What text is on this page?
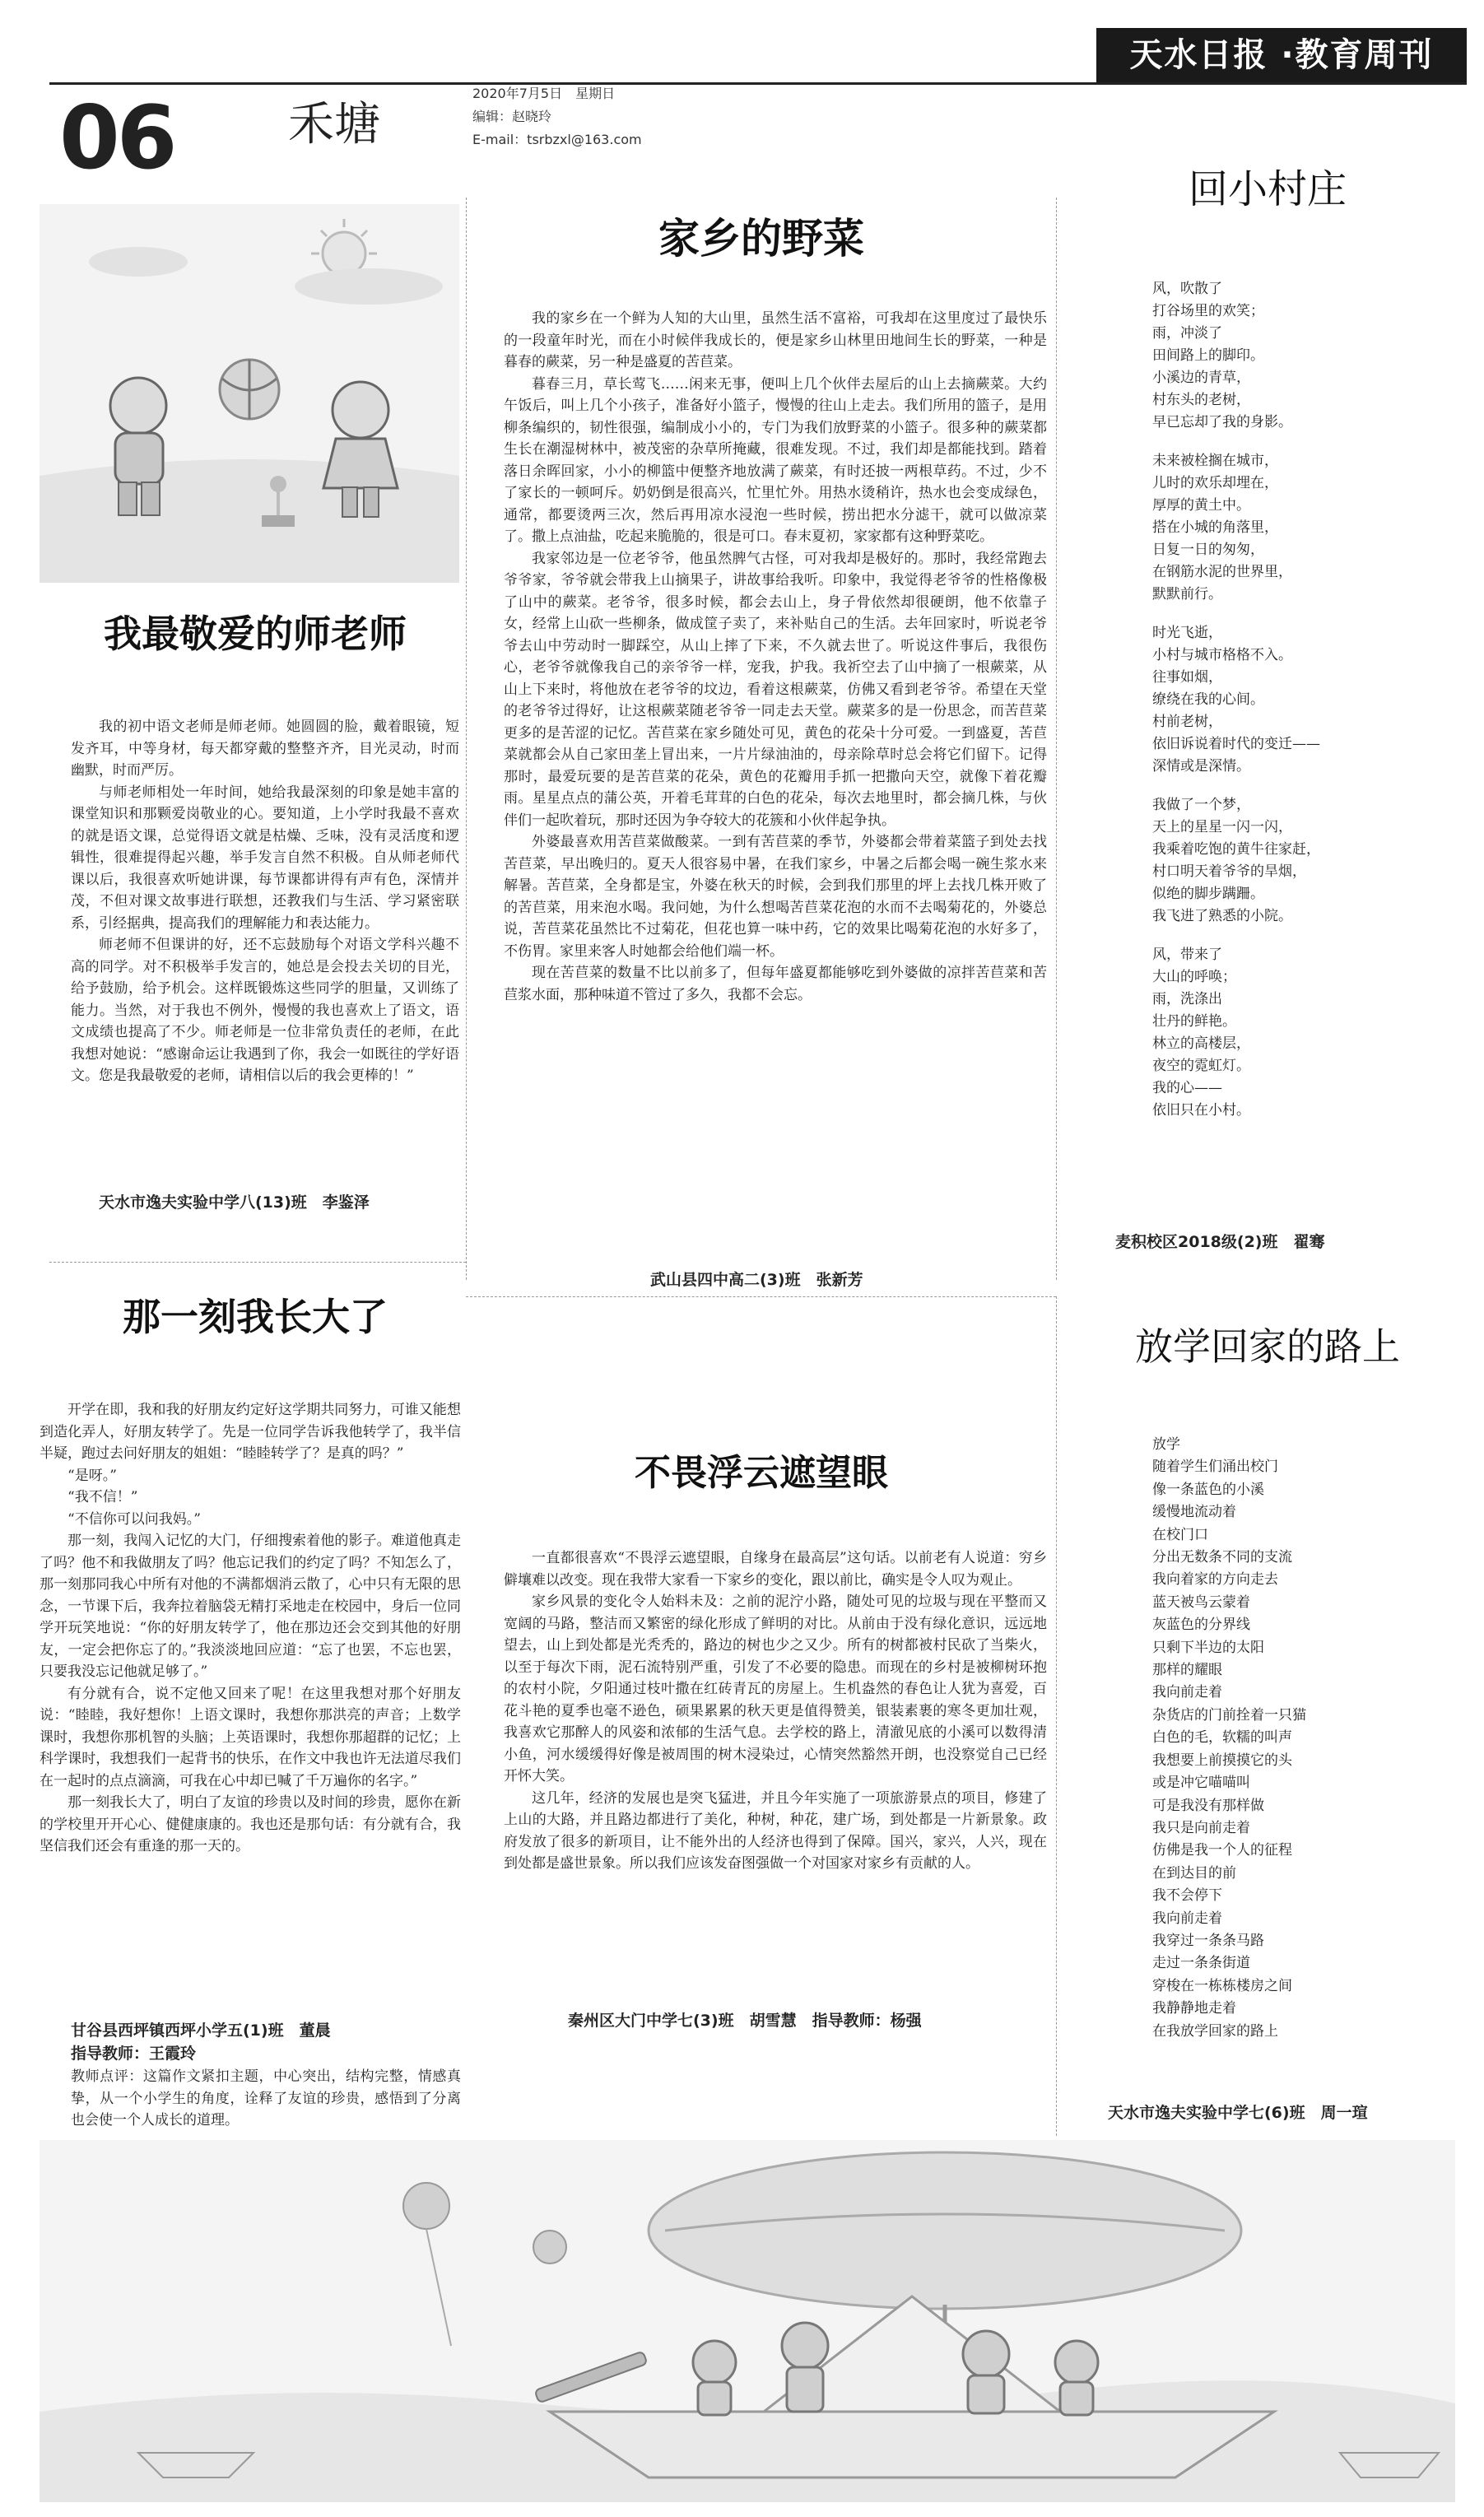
天水日报 ·教育周刊
06 禾塘
2020年7月5日　星期日
编辑：赵晓玲
E-mail：tsrbzxl@163.com
我最敬爱的师老师

我的初中语文老师是师老师。她圆圆的脸，戴着眼镜，短发齐耳，中等身材，每天都穿戴的整整齐齐，目光灵动，时而幽默，时而严厉。

与师老师相处一年时间，她给我最深刻的印象是她丰富的课堂知识和那颗爱岗敬业的心。要知道，上小学时我最不喜欢的就是语文课，总觉得语文就是枯燥、乏味，没有灵活度和逻辑性，很难提得起兴趣，举手发言自然不积极。自从师老师代课以后，我很喜欢听她讲课，每节课都讲得有声有色，深情并茂，不但对课文故事进行联想，还教我们与生活、学习紧密联系，引经据典，提高我们的理解能力和表达能力。

师老师不但课讲的好，还不忘鼓励每个对语文学科兴趣不高的同学。对不积极举手发言的，她总是会投去关切的目光，给予鼓励，给予机会。这样既锻炼这些同学的胆量，又训练了能力。当然，对于我也不例外，慢慢的我也喜欢上了语文，语文成绩也提高了不少。师老师是一位非常负责任的老师，在此我想对她说：“感谢命运让我遇到了你，我会一如既往的学好语文。您是我最敬爱的老师，请相信以后的我会更棒的！”

天水市逸夫实验中学八(13)班　李鉴泽
那一刻我长大了

开学在即，我和我的好朋友约定好这学期共同努力，可谁又能想到造化弄人，好朋友转学了。先是一位同学告诉我他转学了，我半信半疑，跑过去问好朋友的姐姐：“睦睦转学了？是真的吗？”

“是呀。”

“我不信！”

“不信你可以问我妈。”

那一刻，我闯入记忆的大门，仔细搜索着他的影子。难道他真走了吗？他不和我做朋友了吗？他忘记我们的约定了吗？不知怎么了，那一刻那同我心中所有对他的不满都烟消云散了，心中只有无限的思念，一节课下后，我奔拉着脑袋无精打采地走在校园中，身后一位同学开玩笑地说：“你的好朋友转学了，他在那边还会交到其他的好朋友，一定会把你忘了的。”我淡淡地回应道：“忘了也罢，不忘也罢，只要我没忘记他就足够了。”

有分就有合，说不定他又回来了呢！在这里我想对那个好朋友说：“睦睦，我好想你！上语文课时，我想你那洪亮的声音；上数学课时，我想你那机智的头脑；上英语课时，我想你那超群的记忆；上科学课时，我想我们一起背书的快乐，在作文中我也许无法道尽我们在一起时的点点滴滴，可我在心中却已喊了千万遍你的名字。”

那一刻我长大了，明白了友谊的珍贵以及时间的珍贵，愿你在新的学校里开开心心、健健康康的。我也还是那句话：有分就有合，我坚信我们还会有重逢的那一天的。

甘谷县西坪镇西坪小学五(1)班　董晨
指导教师：王霞玲

教师点评：这篇作文紧扣主题，中心突出，结构完整，情感真挚，从一个小学生的角度，诠释了友谊的珍贵，感悟到了分离也会使一个人成长的道理。

家乡的野菜

我的家乡在一个鲜为人知的大山里，虽然生活不富裕，可我却在这里度过了最快乐的一段童年时光，而在小时候伴我成长的，便是家乡山林里田地间生长的野菜，一种是暮春的蕨菜，另一种是盛夏的苦苣菜。

暮春三月，草长莺飞……闲来无事，便叫上几个伙伴去屋后的山上去摘蕨菜。大约午饭后，叫上几个小孩子，准备好小篮子，慢慢的往山上走去。我们所用的篮子，是用柳条编织的，韧性很强，编制成小小的，专门为我们放野菜的小篮子。很多种的蕨菜都生长在潮湿树林中，被茂密的杂草所掩藏，很难发现。不过，我们却是都能找到。踏着落日余晖回家，小小的柳篮中便整齐地放满了蕨菜，有时还披一两根草药。不过，少不了家长的一顿呵斥。奶奶倒是很高兴，忙里忙外。用热水烫稍许，热水也会变成绿色，通常，都要烫两三次，然后再用凉水浸泡一些时候，捞出把水分滤干，就可以做凉菜了。撒上点油盐，吃起来脆脆的，很是可口。春末夏初，家家都有这种野菜吃。

我家邻边是一位老爷爷，他虽然脾气古怪，可对我却是极好的。那时，我经常跑去爷爷家，爷爷就会带我上山摘果子，讲故事给我听。印象中，我觉得老爷爷的性格像极了山中的蕨菜。老爷爷，很多时候，都会去山上，身子骨依然却很硬朗，他不依靠子女，经常上山砍一些柳条，做成筐子卖了，来补贴自己的生活。去年回家时，听说老爷爷去山中劳动时一脚踩空，从山上摔了下来，不久就去世了。听说这件事后，我很伤心，老爷爷就像我自己的亲爷爷一样，宠我，护我。我祈空去了山中摘了一根蕨菜，从山上下来时，将他放在老爷爷的坟边，看着这根蕨菜，仿佛又看到老爷爷。希望在天堂的老爷爷过得好，让这根蕨菜随老爷爷一同走去天堂。蕨菜多的是一份思念，而苦苣菜更多的是苦涩的记忆。苦苣菜在家乡随处可见，黄色的花朵十分可爱。一到盛夏，苦苣菜就都会从自己家田垄上冒出来，一片片绿油油的，母亲除草时总会将它们留下。记得那时，最爱玩要的是苦苣菜的花朵，黄色的花瓣用手抓一把撒向天空，就像下着花瓣雨。星星点点的蒲公英，开着毛茸茸的白色的花朵，每次去地里时，都会摘几株，与伙伴们一起吹着玩，那时还因为争夺较大的花簇和小伙伴起争执。

外婆最喜欢用苦苣菜做酸菜。一到有苦苣菜的季节，外婆都会带着菜篮子到处去找苦苣菜，早出晚归的。夏天人很容易中暑，在我们家乡，中暑之后都会喝一碗生浆水来解暑。苦苣菜，全身都是宝，外婆在秋天的时候，会到我们那里的坪上去找几株开败了的苦苣菜，用来泡水喝。我问她，为什么想喝苦苣菜花泡的水而不去喝菊花的，外婆总说，苦苣菜花虽然比不过菊花，但花也算一味中药，它的效果比喝菊花泡的水好多了，不伤胃。家里来客人时她都会给他们端一杯。

现在苦苣菜的数量不比以前多了，但每年盛夏都能够吃到外婆做的凉拌苦苣菜和苦苣浆水面，那种味道不管过了多久，我都不会忘。

武山县四中高二(3)班　张新芳
不畏浮云遮望眼

一直都很喜欢“不畏浮云遮望眼，自缘身在最高层”这句话。以前老有人说道：穷乡僻壤难以改变。现在我带大家看一下家乡的变化，跟以前比，确实是令人叹为观止。

家乡风景的变化令人始料未及：之前的泥泞小路，随处可见的垃圾与现在平整而又宽阔的马路，整洁而又繁密的绿化形成了鲜明的对比。从前由于没有绿化意识，远远地望去，山上到处都是光秃秃的，路边的树也少之又少。所有的树都被村民砍了当柴火，以至于每次下雨，泥石流特别严重，引发了不必要的隐患。而现在的乡村是被柳树环抱的农村小院，夕阳通过枝叶撒在红砖青瓦的房屋上。生机盎然的春色让人犹为喜爱，百花斗艳的夏季也毫不逊色，硕果累累的秋天更是值得赞美，银装素裹的寒冬更加壮观，我喜欢它那醉人的风姿和浓郁的生活气息。去学校的路上，清澈见底的小溪可以数得清小鱼，河水缓缓得好像是被周围的树木浸染过，心情突然豁然开朗，也没察觉自己已经开怀大笑。

这几年，经济的发展也是突飞猛进，并且今年实施了一项旅游景点的项目，修建了上山的大路，并且路边都进行了美化，种树，种花，建广场，到处都是一片新景象。政府发放了很多的新项目，让不能外出的人经济也得到了保障。国兴，家兴，人兴，现在到处都是盛世景象。所以我们应该发奋图强做一个对国家对家乡有贡献的人。

秦州区大门中学七(3)班　胡雪慧　指导教师：杨强
回小村庄
风，吹散了
打谷场里的欢笑；
雨，冲淡了
田间路上的脚印。
小溪边的青草，
村东头的老树，
早已忘却了我的身影。
未来被栓搁在城市，
儿时的欢乐却埋在，
厚厚的黄土中。
搭在小城的角落里，
日复一日的匆匆，
在钢筋水泥的世界里，
默默前行。
时光飞逝，
小村与城市格格不入。
往事如烟，
缭绕在我的心间。
村前老树，
依旧诉说着时代的变迁——
深情或是深情。
我做了一个梦，
天上的星星一闪一闪，
我乘着吃饱的黄牛往家赶，
村口明天着爷爷的旱烟，
似绝的脚步蹒跚。
我飞进了熟悉的小院。
风，带来了
大山的呼唤；
雨，洗涤出
壮丹的鲜艳。
林立的高楼层，
夜空的霓虹灯。
我的心——
依旧只在小村。
麦积校区2018级(2)班　翟骞
放学回家的路上
放学
随着学生们涌出校门
像一条蓝色的小溪
缓慢地流动着
在校门口
分出无数条不同的支流
我向着家的方向走去
蓝天被鸟云蒙着
灰蓝色的分界线
只剩下半边的太阳
那样的耀眼
我向前走着
杂货店的门前拴着一只猫
白色的毛，软糯的叫声
我想要上前摸摸它的头
或是冲它喵喵叫
可是我没有那样做
我只是向前走着
仿佛是我一个人的征程
在到达目的前
我不会停下
我向前走着
我穿过一条条马路
走过一条条街道
穿梭在一栋栋楼房之间
我静静地走着
在我放学回家的路上
天水市逸夫实验中学七(6)班　周一瑄
